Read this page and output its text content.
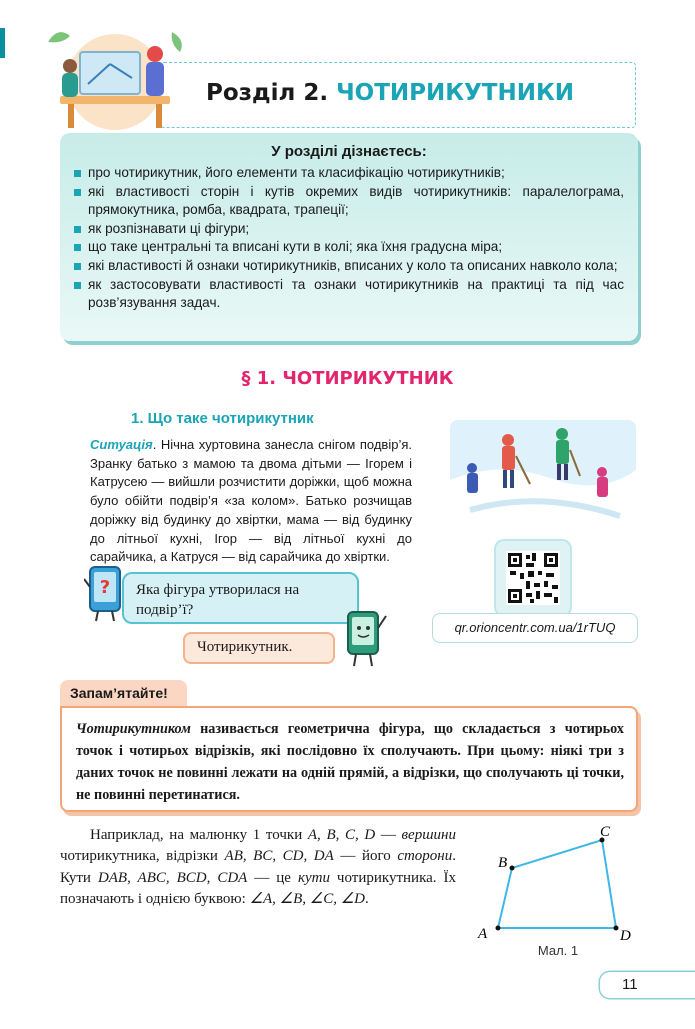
Розділ 2. ЧОТИРИКУТНИКИ
У розділі дізнаєтесь:
про чотирикутник, його елементи та класифікацію чотирикутників;
які властивості сторін і кутів окремих видів чотирикутників: паралелограма, прямокутника, ромба, квадрата, трапеції;
як розпізнавати ці фігури;
що таке центральні та вписані кути в колі; яка їхня градусна міра;
які властивості й ознаки чотирикутників, вписаних у коло та описаних навколо кола;
як застосовувати властивості та ознаки чотирикутників на практиці та під час розв’язування задач.
§ 1. ЧОТИРИКУТНИК
1. Що таке чотирикутник
Ситуація. Нічна хуртовина занесла снігом подвір’я. Зранку батько з мамою та двома дітьми — Ігорем і Катрусею — вийшли розчистити доріжки, щоб можна було обійти подвір’я «за колом». Батько розчищав доріжку від будинку до хвіртки, мама — від будинку до літньої кухні, Ігор — від літньої кухні до сарайчика, а Катруся — від сарайчика до хвіртки.
qr.orioncentr.com.ua/1rTUQ
?	Яка фігура утворилася на подвір’ї?
Чотирикутник.
Запам’ятайте!
Чотирикутником називається геометрична фігура, що складається з чотирьох точок і чотирьох відрізків, які послідовно їх сполучають. При цьому: ніякі три з даних точок не повинні лежати на одній прямій, а відрізки, що сполучають ці точки, не повинні перетинатися.
Наприклад, на малюнку 1 точки A, B, C, D — вершини чотирикутника, відрізки AB, BC, CD, DA — його сторони. Кути DAB, ABC, BCD, CDA — це кути чотирикутника. Їх позначають і однією буквою: ∠A, ∠B, ∠C, ∠D.
A
B
C
D
Мал. 1
11
